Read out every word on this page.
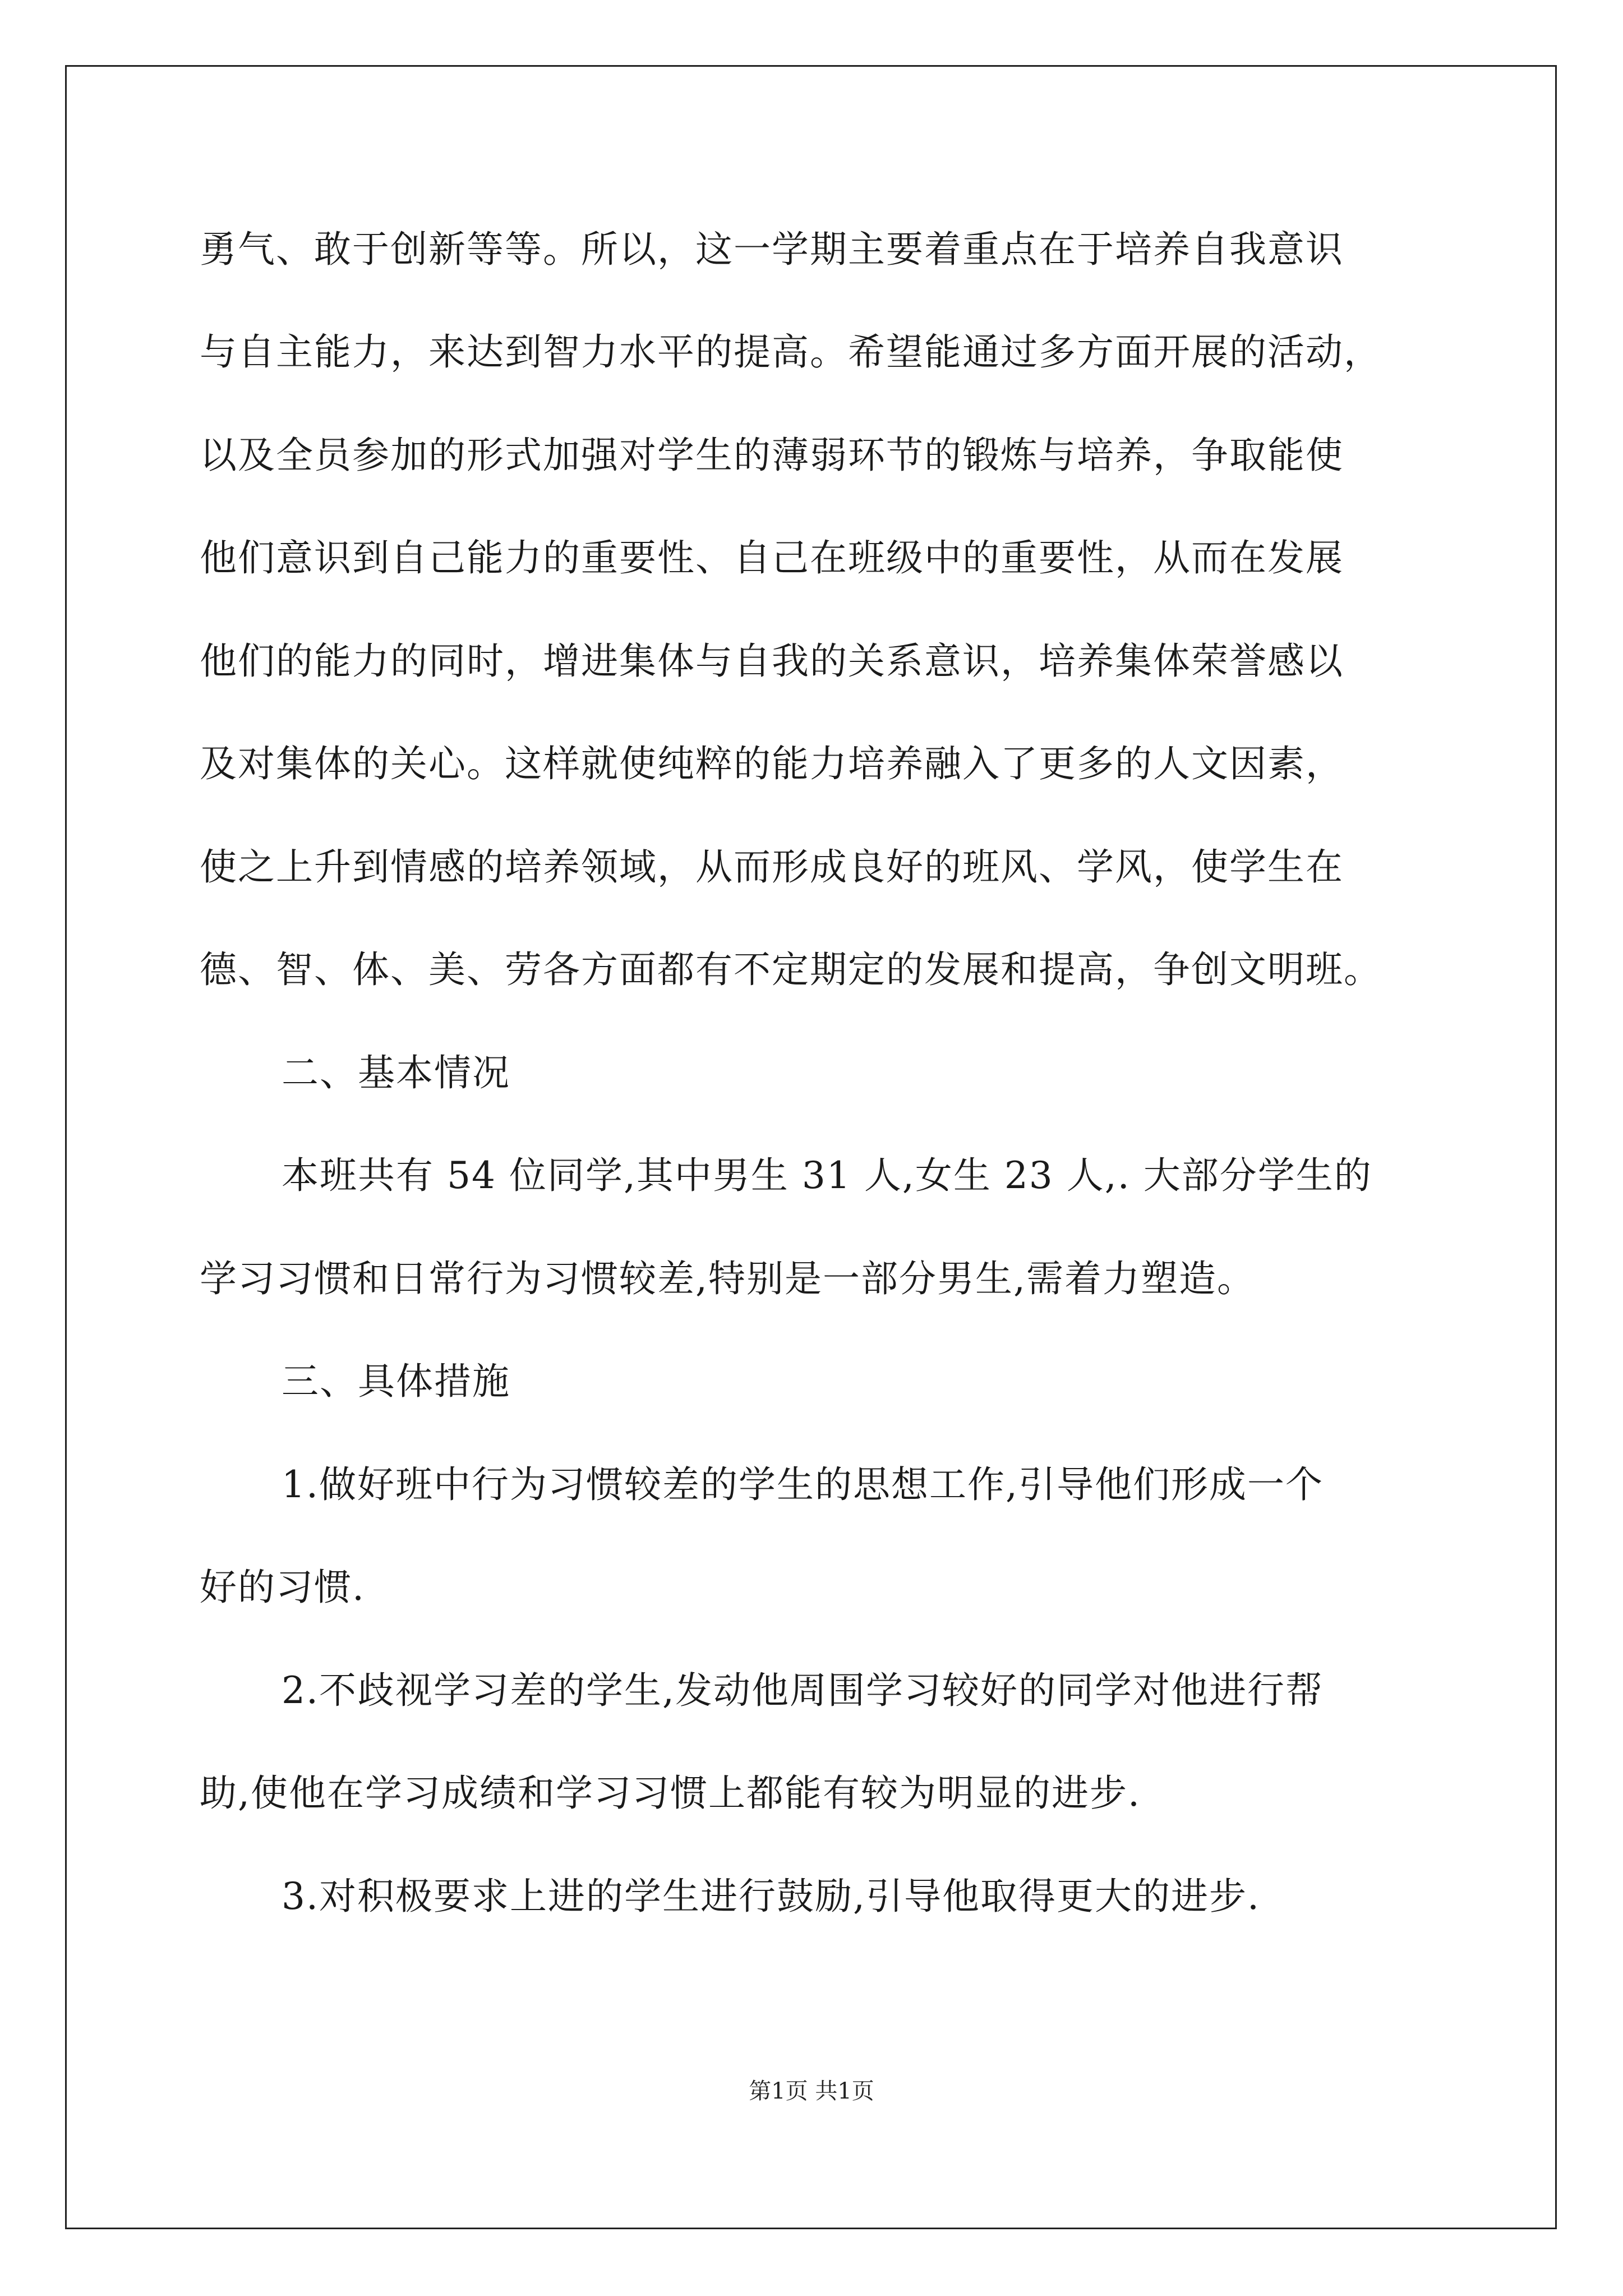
勇气、敢于创新等等。所以，这一学期主要着重点在于培养自我意识
与自主能力，来达到智力水平的提高。希望能通过多方面开展的活动，
以及全员参加的形式加强对学生的薄弱环节的锻炼与培养，争取能使
他们意识到自己能力的重要性、自己在班级中的重要性，从而在发展
他们的能力的同时，增进集体与自我的关系意识，培养集体荣誉感以
及对集体的关心。这样就使纯粹的能力培养融入了更多的人文因素，
使之上升到情感的培养领域，从而形成良好的班风、学风，使学生在
德、智、体、美、劳各方面都有不定期定的发展和提高，争创文明班。
二、基本情况
本班共有 54 位同学,其中男生 31 人,女生 23 人,. 大部分学生的
学习习惯和日常行为习惯较差,特别是一部分男生,需着力塑造。
三、具体措施
1.做好班中行为习惯较差的学生的思想工作,引导他们形成一个
好的习惯.
2.不歧视学习差的学生,发动他周围学习较好的同学对他进行帮
助,使他在学习成绩和学习习惯上都能有较为明显的进步.
3.对积极要求上进的学生进行鼓励,引导他取得更大的进步.
第1页 共1页
